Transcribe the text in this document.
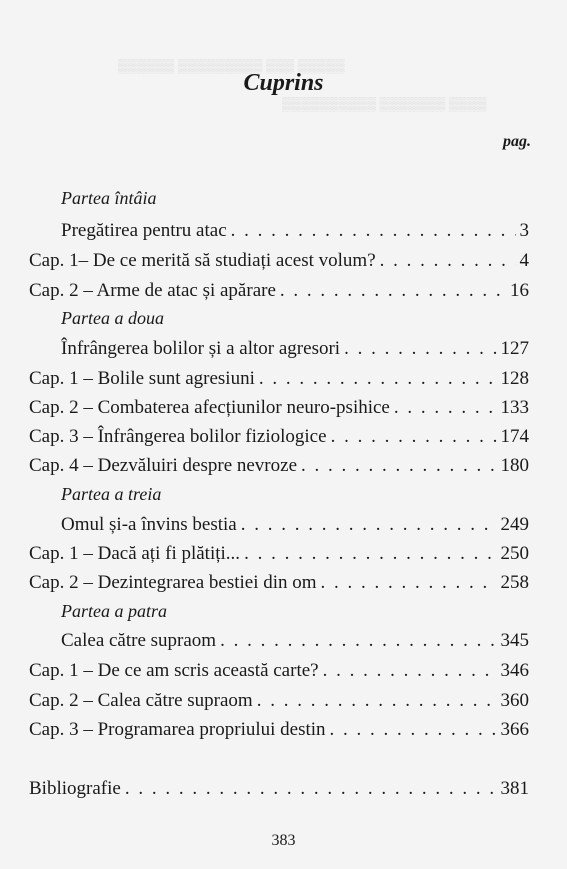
▒▒▒▒▒▒ ▒▒▒▒▒▒▒▒▒ ▒▒▒ ▒▒▒▒▒
▒▒▒▒▒▒▒▒▒▒ ▒▒▒▒▒▒▒ ▒▒▒▒
Cuprins
pag.
Partea întâia
Pregătirea pentru atac . . .	3
Cap. 1– De ce merită să studiați acest volum? . . .	4
Cap. 2 – Arme de atac și apărare . . .	16
Partea a doua
Înfrângerea bolilor și a altor agresori . . .	127
Cap. 1 – Bolile sunt agresiuni . . .	128
Cap. 2 – Combaterea afecțiunilor neuro-psihice . . .	133
Cap. 3 – Înfrângerea bolilor fiziologice . . .	174
Cap. 4 – Dezvăluiri despre nevroze . . .	180
Partea a treia
Omul și-a învins bestia . . .	249
Cap. 1 – Dacă ați fi plătiți... . . .	250
Cap. 2 – Dezintegrarea bestiei din om . . .	258
Partea a patra
Calea către supraom . . .	345
Cap. 1 – De ce am scris această carte? . . .	346
Cap. 2 – Calea către supraom . . .	360
Cap. 3 – Programarea propriului destin . . .	366
Bibliografie . . .	381
383
